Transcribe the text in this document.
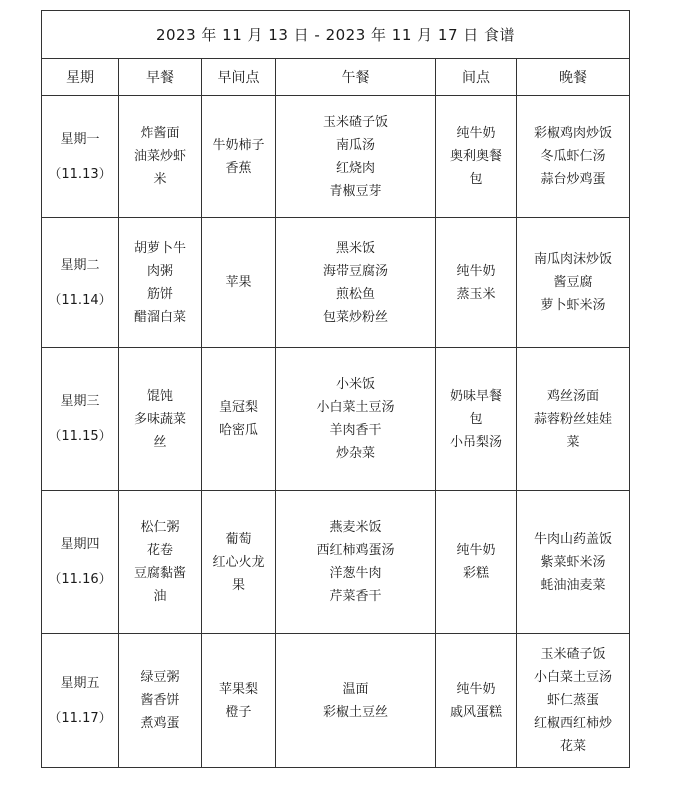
2023 年 11 月 13 日 - 2023 年 11 月 17 日 食谱					
星期	早餐	早间点	午餐	间点	晚餐

星期一
（11.13）	炸酱面
油菜炒虾
米	牛奶柿子
香蕉	玉米碴子饭
南瓜汤
红烧肉
青椒豆芽	纯牛奶
奥利奥餐
包	彩椒鸡肉炒饭
冬瓜虾仁汤
蒜台炒鸡蛋

星期二
（11.14）	胡萝卜牛
肉粥
筋饼
醋溜白菜	苹果	黑米饭
海带豆腐汤
煎松鱼
包菜炒粉丝	纯牛奶
蒸玉米	南瓜肉沫炒饭
酱豆腐
萝卜虾米汤

星期三
（11.15）	馄饨
多味蔬菜
丝	皇冠梨
哈密瓜	小米饭
小白菜土豆汤
羊肉香干
炒杂菜	奶味早餐
包
小吊梨汤	鸡丝汤面
蒜蓉粉丝娃娃
菜

星期四
（11.16）	松仁粥
花卷
豆腐黏酱
油	葡萄
红心火龙
果	燕麦米饭
西红柿鸡蛋汤
洋葱牛肉
芹菜香干	纯牛奶
彩糕	牛肉山药盖饭
紫菜虾米汤
蚝油油麦菜

星期五
（11.17）	绿豆粥
酱香饼
煮鸡蛋	苹果梨
橙子	温面
彩椒土豆丝	纯牛奶
戚风蛋糕	玉米碴子饭
小白菜土豆汤
虾仁蒸蛋
红椒西红柿炒
花菜
